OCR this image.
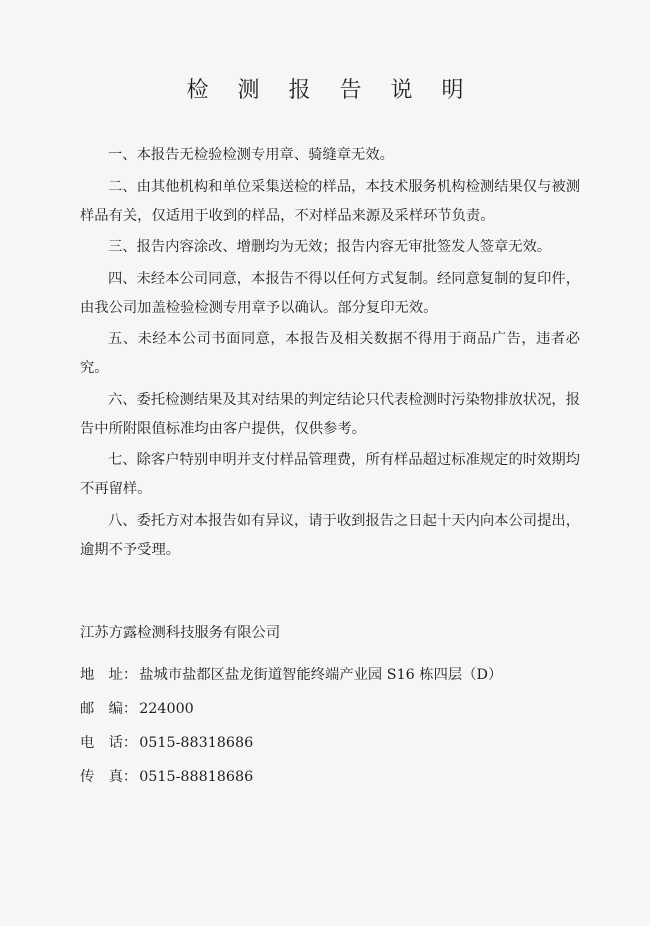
检 测 报 告 说 明
一、本报告无检验检测专用章、骑缝章无效。
二、由其他机构和单位采集送检的样品，本技术服务机构检测结果仅与被测样品有关，仅适用于收到的样品，不对样品来源及采样环节负责。
三、报告内容涂改、增删均为无效；报告内容无审批签发人签章无效。
四、未经本公司同意，本报告不得以任何方式复制。经同意复制的复印件，由我公司加盖检验检测专用章予以确认。部分复印无效。
五、未经本公司书面同意，本报告及相关数据不得用于商品广告，违者必究。
六、委托检测结果及其对结果的判定结论只代表检测时污染物排放状况，报告中所附限值标准均由客户提供，仅供参考。
七、除客户特别申明并支付样品管理费，所有样品超过标准规定的时效期均不再留样。
八、委托方对本报告如有异议，请于收到报告之日起十天内向本公司提出，逾期不予受理。
江苏方露检测科技服务有限公司
地　址： 盐城市盐都区盐龙街道智能终端产业园 S16 栋四层（D）
邮　编： 224000
电　话： 0515-88318686
传　真： 0515-88818686
